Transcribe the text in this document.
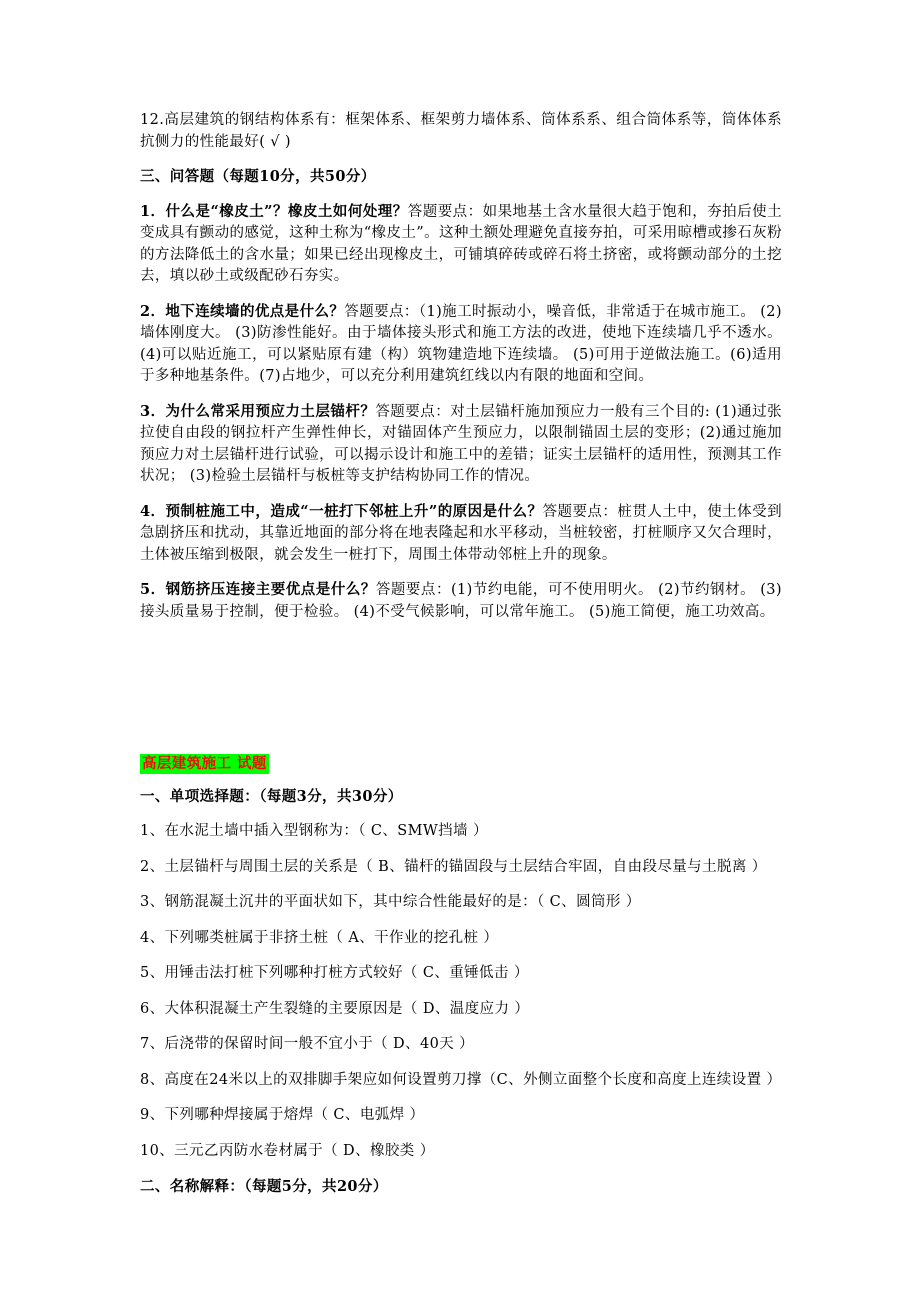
12.高层建筑的钢结构体系有：框架体系、框架剪力墙体系、筒体系系、组合筒体系等，筒体体系抗侧力的性能最好( √ )

三、问答题（每题10分，共50分）

1．什么是“橡皮土”？橡皮土如何处理？答题要点：如果地基土含水量很大趋于饱和，夯拍后使土变成具有颤动的感觉，这种土称为“橡皮土”。这种土额处理避免直接夯拍，可采用晾槽或掺石灰粉的方法降低土的含水量；如果已经出现橡皮土，可铺填碎砖或碎石将土挤密，或将颤动部分的土挖去，填以砂土或级配砂石夯实。

2．地下连续墙的优点是什么？答题要点：（1)施工时振动小，噪音低，非常适于在城市施工。 (2)墙体刚度大。 (3)防渗性能好。由于墙体接头形式和施工方法的改进，使地下连续墙几乎不透水。 (4)可以贴近施工，可以紧贴原有建（构）筑物建造地下连续墙。 (5)可用于逆做法施工。(6)适用于多种地基条件。(7)占地少，可以充分利用建筑红线以内有限的地面和空间。

3．为什么常采用预应力土层锚杆？答题要点：对土层锚杆施加预应力一般有三个目的: (1)通过张拉使自由段的钢拉杆产生弹性伸长，对锚固体产生预应力，以限制锚固土层的变形；(2)通过施加预应力对土层锚杆进行试验，可以揭示设计和施工中的差错；证实土层锚杆的适用性，预测其工作状况； (3)检验土层锚杆与板桩等支护结构协同工作的情况。

4．预制桩施工中，造成“一桩打下邻桩上升”的原因是什么？答题要点：桩贯人土中，使土体受到急剧挤压和扰动，其靠近地面的部分将在地表隆起和水平移动，当桩较密，打桩顺序又欠合理时，土体被压缩到极限，就会发生一桩打下，周围土体带动邻桩上升的现象。

5．钢筋挤压连接主要优点是什么？答题要点：(1)节约电能，可不使用明火。 (2)节约钢材。 (3)接头质量易于控制，便于检验。 (4)不受气候影响，可以常年施工。 (5)施工简便，施工功效高。

高层建筑施工 试题

一、单项选择题：（每题3分，共30分）

1、在水泥土墙中插入型钢称为：（ C、SMW挡墙 ）

2、土层锚杆与周围土层的关系是（ B、锚杆的锚固段与土层结合牢固，自由段尽量与土脱离 ）

3、钢筋混凝土沉井的平面状如下，其中综合性能最好的是：（ C、圆筒形 ）

4、下列哪类桩属于非挤土桩（ A、干作业的挖孔桩 ）

5、用锤击法打桩下列哪种打桩方式较好（ C、重锤低击 ）

6、大体积混凝土产生裂缝的主要原因是（ D、温度应力 ）

7、后浇带的保留时间一般不宜小于（ D、40天 ）

8、高度在24米以上的双排脚手架应如何设置剪刀撑（C、外侧立面整个长度和高度上连续设置 ）

9、下列哪种焊接属于熔焊（ C、电弧焊 ）

10、三元乙丙防水卷材属于（ D、橡胶类 ）

二、名称解释：（每题5分，共20分）
